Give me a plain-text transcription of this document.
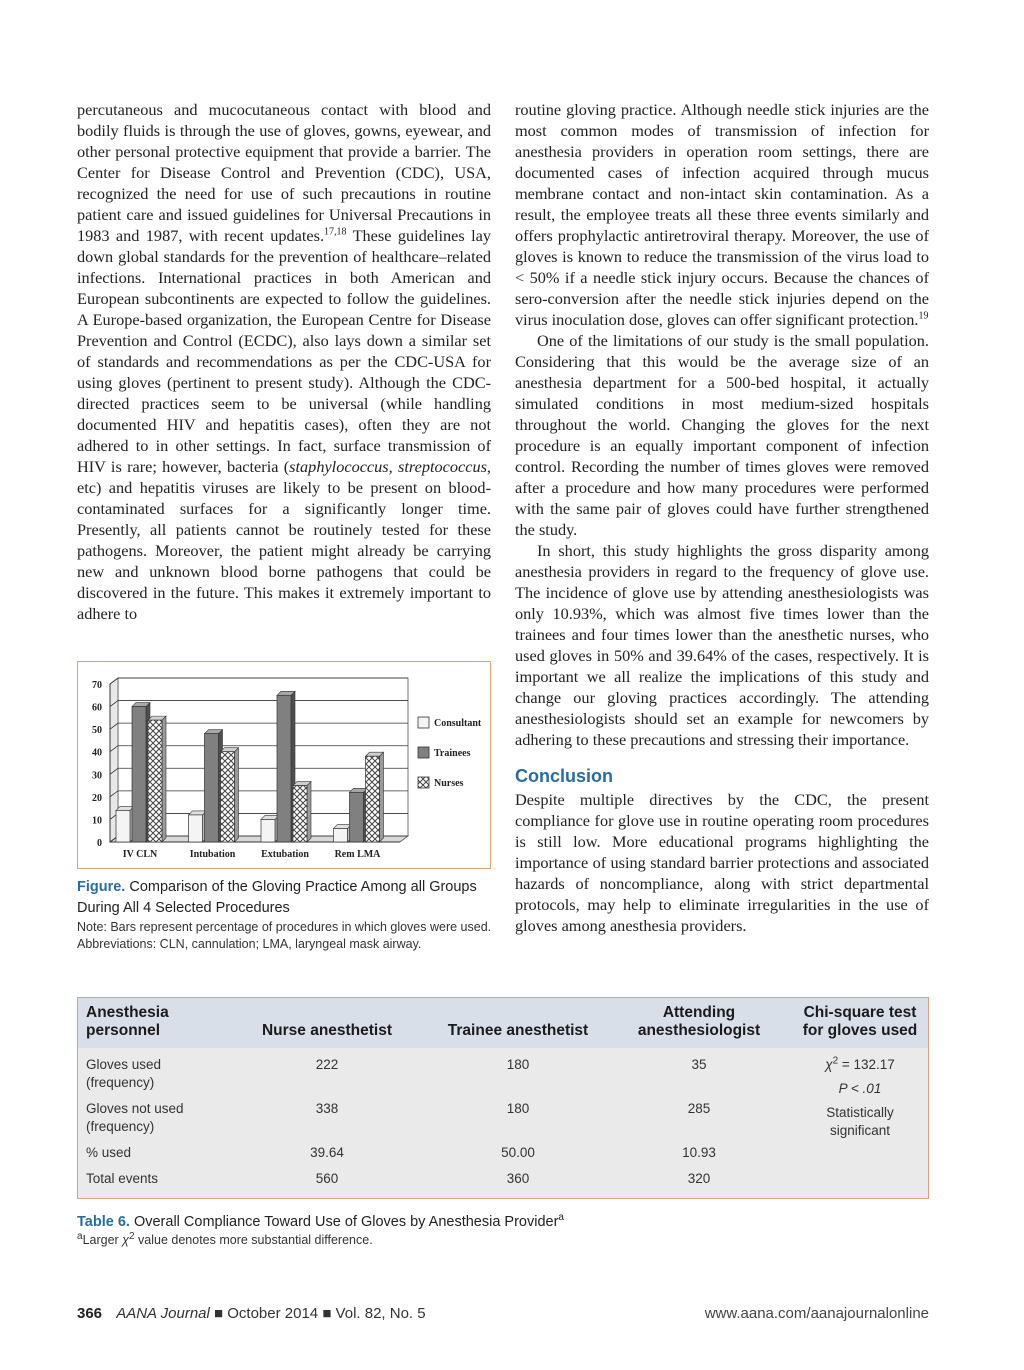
percutaneous and mucocutaneous contact with blood and bodily fluids is through the use of gloves, gowns, eyewear, and other personal protective equipment that provide a barrier. The Center for Disease Control and Prevention (CDC), USA, recognized the need for use of such precautions in routine patient care and issued guidelines for Universal Precautions in 1983 and 1987, with recent updates.$^{17,18}$ These guidelines lay down global standards for the prevention of healthcare–related infections. International practices in both American and European subcontinents are expected to follow the guidelines. A Europe-based organization, the European Centre for Disease Prevention and Control (ECDC), also lays down a similar set of standards and recommendations as per the CDC-USA for using gloves (pertinent to present study). Although the CDC-directed practices seem to be universal (while handling documented HIV and hepatitis cases), often they are not adhered to in other settings. In fact, surface transmission of HIV is rare; however, bacteria (staphylococcus, streptococcus, etc) and hepatitis viruses are likely to be present on blood-contaminated surfaces for a significantly longer time. Presently, all patients cannot be routinely tested for these pathogens. Moreover, the patient might already be carrying new and unknown blood borne pathogens that could be discovered in the future. This makes it extremely important to adhere to

0
10
20
30
40
50
60
70
IV CLN	Intubation	Extubation	Rem LMA
Consultant
Trainees
Nurses
Figure. Comparison of the Gloving Practice Among all Groups During All 4 Selected Procedures
Note: Bars represent percentage of procedures in which gloves were used.
Abbreviations: CLN, cannulation; LMA, laryngeal mask airway.

routine gloving practice. Although needle stick injuries are the most common modes of transmission of infection for anesthesia providers in operation room settings, there are documented cases of infection acquired through mucus membrane contact and non-intact skin contamination. As a result, the employee treats all these three events similarly and offers prophylactic antiretroviral therapy. Moreover, the use of gloves is known to reduce the transmission of the virus load to < 50% if a needle stick injury occurs. Because the chances of sero-conversion after the needle stick injuries depend on the virus inoculation dose, gloves can offer significant protection.$^{19}$

One of the limitations of our study is the small population. Considering that this would be the average size of an anesthesia department for a 500-bed hospital, it actually simulated conditions in most medium-sized hospitals throughout the world. Changing the gloves for the next procedure is an equally important component of infection control. Recording the number of times gloves were removed after a procedure and how many procedures were performed with the same pair of gloves could have further strengthened the study.

In short, this study highlights the gross disparity among anesthesia providers in regard to the frequency of glove use. The incidence of glove use by attending anesthesiologists was only 10.93%, which was almost five times lower than the trainees and four times lower than the anesthetic nurses, who used gloves in 50% and 39.64% of the cases, respectively. It is important we all realize the implications of this study and change our gloving practices accordingly. The attending anesthesiologists should set an example for newcomers by adhering to these precautions and stressing their importance.

Conclusion

Despite multiple directives by the CDC, the present compliance for glove use in routine operating room procedures is still low. More educational programs highlighting the importance of using standard barrier protections and associated hazards of noncompliance, along with strict departmental protocols, may help to eliminate irregularities in the use of gloves among anesthesia providers.

Anesthesia personnel	Nurse anesthetist	Trainee anesthetist	Attending anesthesiologist	Chi-square test for gloves used
Gloves used (frequency)	222	180	35	$\chi^2 = 132.17$
P < .01
Statistically significant

Gloves not used (frequency)	338	180	285	
% used	39.64	50.00	10.93	
Total events	560	360	320	
Table 6. Overall Compliance Toward Use of Gloves by Anesthesia Provider$^a$
$^a$Larger $\chi^2$ value denotes more substantial difference.
366 AANA Journal ■ October 2014 ■ Vol. 82, No. 5	www.aana.com/aanajournalonline
